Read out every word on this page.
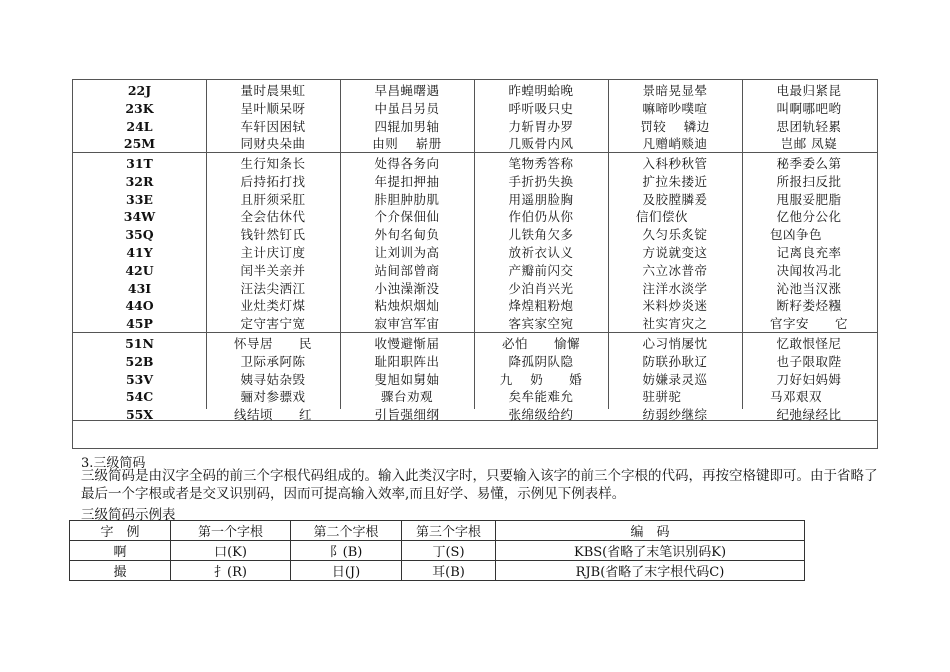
22J	量时晨果虹	早昌蝇曙遇	昨蝗明蛤晚	景暗晃显晕	电最归紧昆
23K	呈叶顺呆呀	中虽吕另员	呼听吸只史	嘛啼吵噗喧	叫啊哪吧哟
24L	车轩因困轼	四辊加男轴	力斩胃办罗	罚较　 辚边	思团轨轻累
25M	同财央朵曲	由则　 崭册	几贩骨内风	凡赠峭赕迪	岂邮 凤嶷
31T	生行知条长	处得各务向	笔物秀答称	入科秒秋管	秘季委么第
32R	后持拓打找	年提扣押抽	手折扔失换	扩拉朱搂近	所报扫反批
33E	且肝须采肛	胩胆肿肋肌	用遥朋脸胸	及胶膛膦爰	甩服妥肥脂
34W	全会估休代	个介保佃仙	作伯仍从你	信们偿伙　　	亿他分公化
35Q	钱针然钉氏	外旬名甸负	儿铁角欠多	久匀乐炙锭	包凶争色　　
41Y	主计庆订度	让刘训为高	放祈衣认义	方说就变这	记离良充率
42U	闰半关亲并	站间部曾商	产瓣前闪交	六立冰普帝	决闻妆冯北
43I	汪法尖洒江	小浊澡渐没	少泊肖兴光	注洋水淡学	沁池当汉涨
44O	业灶类灯煤	粘烛炽烟灿	烽煌粗粉炮	米料炒炎迷	断籽娄烃糨
45P	定守害宁宽	寂审宫军宙	客宾家空宛	社实宵灾之	官字安　　它
51N	怀导居　　民	收慢避惭届	必怕　　愉懈	心习悄屡忱	忆敢恨怪尼
52B	卫际承阿陈	耻阳职阵出	降孤阴队隐	防联孙耿辽	也子限取陛
53V	姨寻姑杂毁	叟旭如舅妯	九　 奶　　婚	妨嫌录灵巡	刀好妇妈姆
54C	骊对参骠戏	骤台劝观	矣牟能难允	驻骈驼　　	马邓艰双　　
55X	线结顷　　红	引旨强细纲	张绵级给约	纺弱纱继综	纪弛绿经比
3.三级简码
三级简码是由汉字全码的前三个字根代码组成的。输入此类汉字时，只要输入该字的前三个字根的代码，再按空格键即可。由于省略了最后一个字根或者是交叉识别码，因而可提高输入效率,而且好学、易懂，示例见下例表样。
三级简码示例表
字　例	第一个字根	第二个字根	第三个字根	编　码
啊	口(K)	阝(B)	丁(S)	KBS(省略了末笔识别码K)
撮	扌(R)	日(J)	耳(B)	RJB(省略了末字根代码C)
